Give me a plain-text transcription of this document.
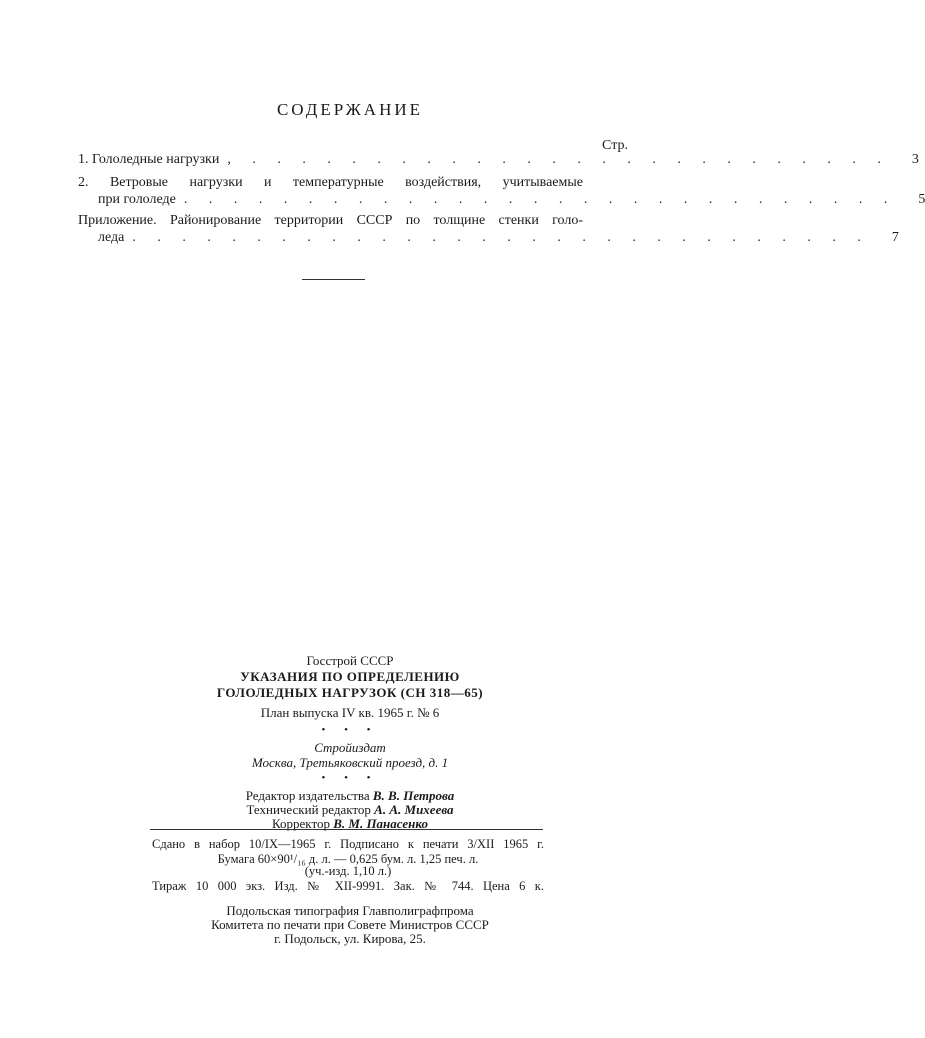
СОДЕРЖАНИЕ
Стр.
1. Гололедные нагрузки , . . . . . . . . . . . . . . . . . . . . . . . . . . 3
2. Ветровые нагрузки и температурные воздействия, учитываемые
при гололеде . . . . . . . . . . . . . . . . . . . . . . . . . . . . . 5
Приложение. Районирование территории СССР по толщине стенки голо-
леда . . . . . . . . . . . . . . . . . . . . . . . . . . . . . . 7
Госстрой СССР
УКАЗАНИЯ ПО ОПРЕДЕЛЕНИЮ
ГОЛОЛЕДНЫХ НАГРУЗОК (СН 318—65)
План выпуска IV кв. 1965 г. № 6
• • •
Стройиздат
Москва, Третьяковский проезд, д. 1
• • •
Редактор издательства В. В. Петрова
Технический редактор А. А. Михеева
Корректор В. М. Панасенко
Сдано в набор 10/IX—1965 г. Подписано к печати 3/XII 1965 г.
Бумага 60×90¹/₁₆ д. л. — 0,625 бум. л. 1,25 печ. л.
(уч.-изд. 1,10 л.)
Тираж 10 000 экз. Изд. № XII-9991. Зак. № 744. Цена 6 к.
Подольская типография Главполиграфпрома
Комитета по печати при Совете Министров СССР
г. Подольск, ул. Кирова, 25.
